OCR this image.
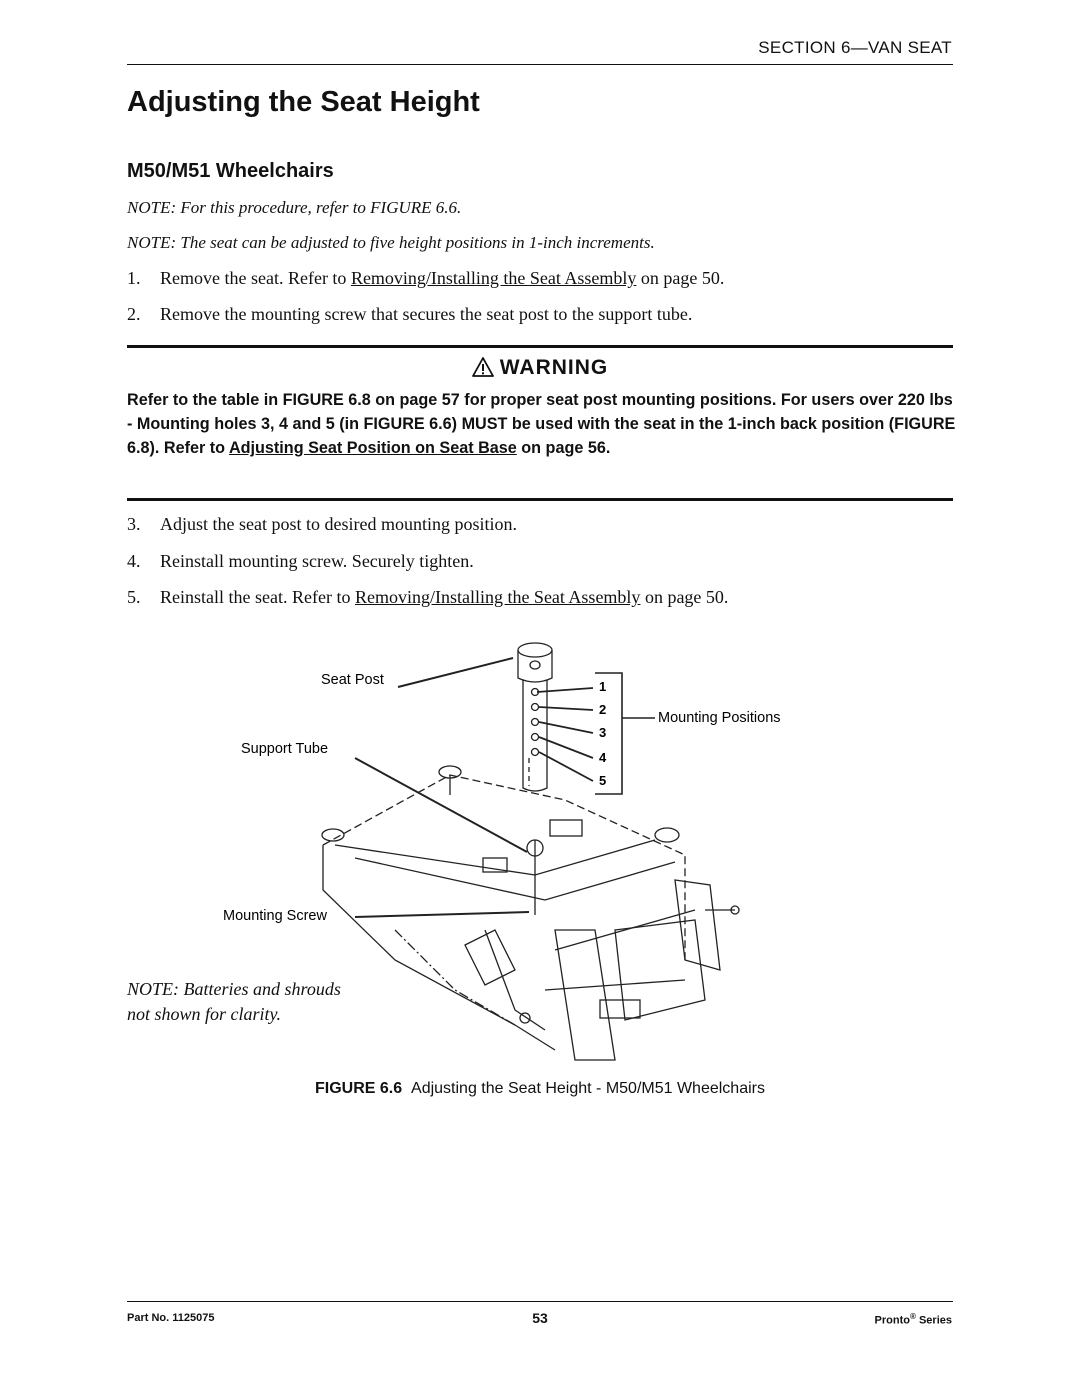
SECTION 6—VAN SEAT
Adjusting the Seat Height
M50/M51 Wheelchairs
NOTE: For this procedure, refer to FIGURE 6.6.
NOTE: The seat can be adjusted to five height positions in 1-inch increments.
1. Remove the seat. Refer to Removing/Installing the Seat Assembly on page 50.
2. Remove the mounting screw that secures the seat post to the support tube.
WARNING
Refer to the table in FIGURE 6.8 on page 57 for proper seat post mounting positions. For users over 220 lbs - Mounting holes 3, 4 and 5 (in FIGURE 6.6) MUST be used with the seat in the 1-inch back position (FIGURE 6.8). Refer to Adjusting Seat Position on Seat Base on page 56.
3. Adjust the seat post to desired mounting position.
4. Reinstall mounting screw. Securely tighten.
5. Reinstall the seat. Refer to Removing/Installing the Seat Assembly on page 50.
Seat Post
Support Tube
Mounting Screw
Mounting Positions
1
2
3
4
5
NOTE: Batteries and shrouds
not shown for clarity.
FIGURE 6.6 Adjusting the Seat Height - M50/M51 Wheelchairs
Part No. 1125075	53	Pronto® Series
